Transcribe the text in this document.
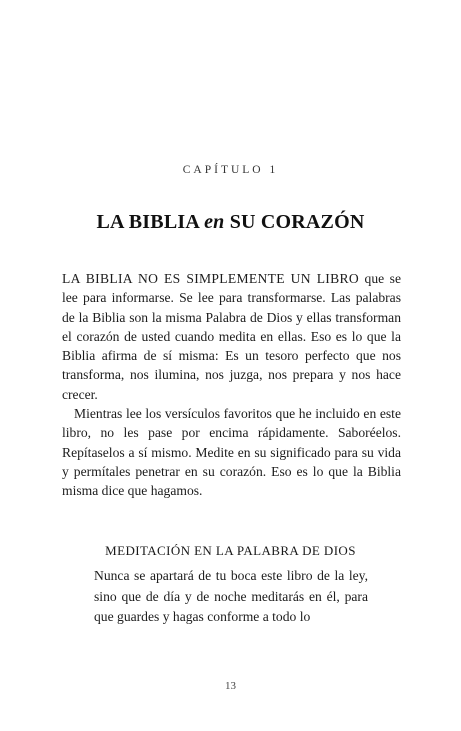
CAPÍTULO 1
LA BIBLIA en SU CORAZÓN

LA BIBLIA NO ES SIMPLEMENTE UN LIBRO que se lee para informarse. Se lee para transformarse. Las palabras de la Biblia son la misma Palabra de Dios y ellas transforman el corazón de usted cuando medita en ellas. Eso es lo que la Biblia afirma de sí misma: Es un tesoro perfecto que nos transforma, nos ilumina, nos juzga, nos prepara y nos hace crecer.

Mientras lee los versículos favoritos que he incluido en este libro, no les pase por encima rápidamente. Saboréelos. Repítaselos a sí mismo. Medite en su significado para su vida y permítales penetrar en su corazón. Eso es lo que la Biblia misma dice que hagamos.

MEDITACIÓN EN LA PALABRA DE DIOS

Nunca se apartará de tu boca este libro de la ley, sino que de día y de noche meditarás en él, para que guardes y hagas conforme a todo lo

13
